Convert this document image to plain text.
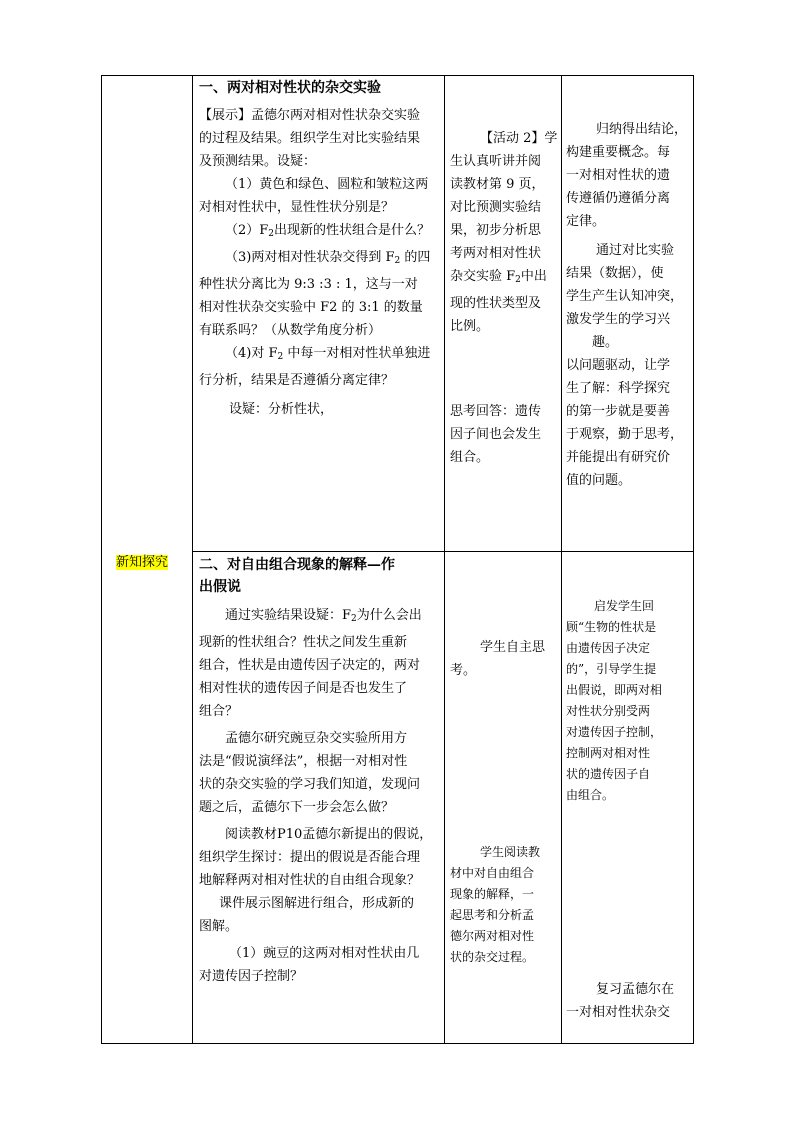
新知探究

一、两对相对性状的杂交实验

【展示】孟德尔两对相对性状杂交实验

的过程及结果。组织学生对比实验结果

及预测结果。设疑：

（1）黄色和绿色、圆粒和皱粒这两

对相对性状中，显性性状分别是？

$(2)F_2$出现新的性状组合是什么？

（3)两对相对性状杂交得到 $F_2$ 的四

种性状分离比为 9:3 :3 : 1，这与一对

相对性状杂交实验中 F2 的 3:1 的数量

有联系吗？（从数学角度分析）

（4)对 $F_2$ 中每一对相对性状单独进

行分析，结果是否遵循分离定律？

设疑：分析性状，

【活动 2】学

生认真听讲并阅

读教材第 9 页，

对比预测实验结

果，初步分析思

考两对相对性状

杂交实验 $F_2$中出

现的性状类型及

比例。

思考回答：遗传

因子间也会发生

组合。

归纳得出结论，

构建重要概念。每

一对相对性状的遗

传遵循仍遵循分离

定律。

通过对比实验

结果（数据），使

学生产生认知冲突，

激发学生的学习兴

趣。

以问题驱动，让学

生了解：科学探究

的第一步就是要善

于观察，勤于思考，

并能提出有研究价

值的问题。

二、对自由组合现象的解释—作

出假说

通过实验结果设疑：$F_2$为什么会出

现新的性状组合？性状之间发生重新

组合，性状是由遗传因子决定的，两对

相对性状的遗传因子间是否也发生了

组合？

孟德尔研究豌豆杂交实验所用方

法是“假说演绎法”，根据一对相对性

状的杂交实验的学习我们知道，发现问

题之后，孟德尔下一步会怎么做？

阅读教材P10孟德尔新提出的假说，

组织学生探讨：提出的假说是否能合理

地解释两对相对性状的自由组合现象？

课件展示图解进行组合，形成新的

图解。

（1）豌豆的这两对相对性状由几

对遗传因子控制？

学生自主思

考。

学生阅读教

材中对自由组合

现象的解释，一

起思考和分析孟

德尔两对相对性

状的杂交过程。

启发学生回

顾“生物的性状是

由遗传因子决定

的”，引导学生提

出假说，即两对相

对性状分别受两

对遗传因子控制，

控制两对相对性

状的遗传因子自

由组合。

复习孟德尔在

一对相对性状杂交
